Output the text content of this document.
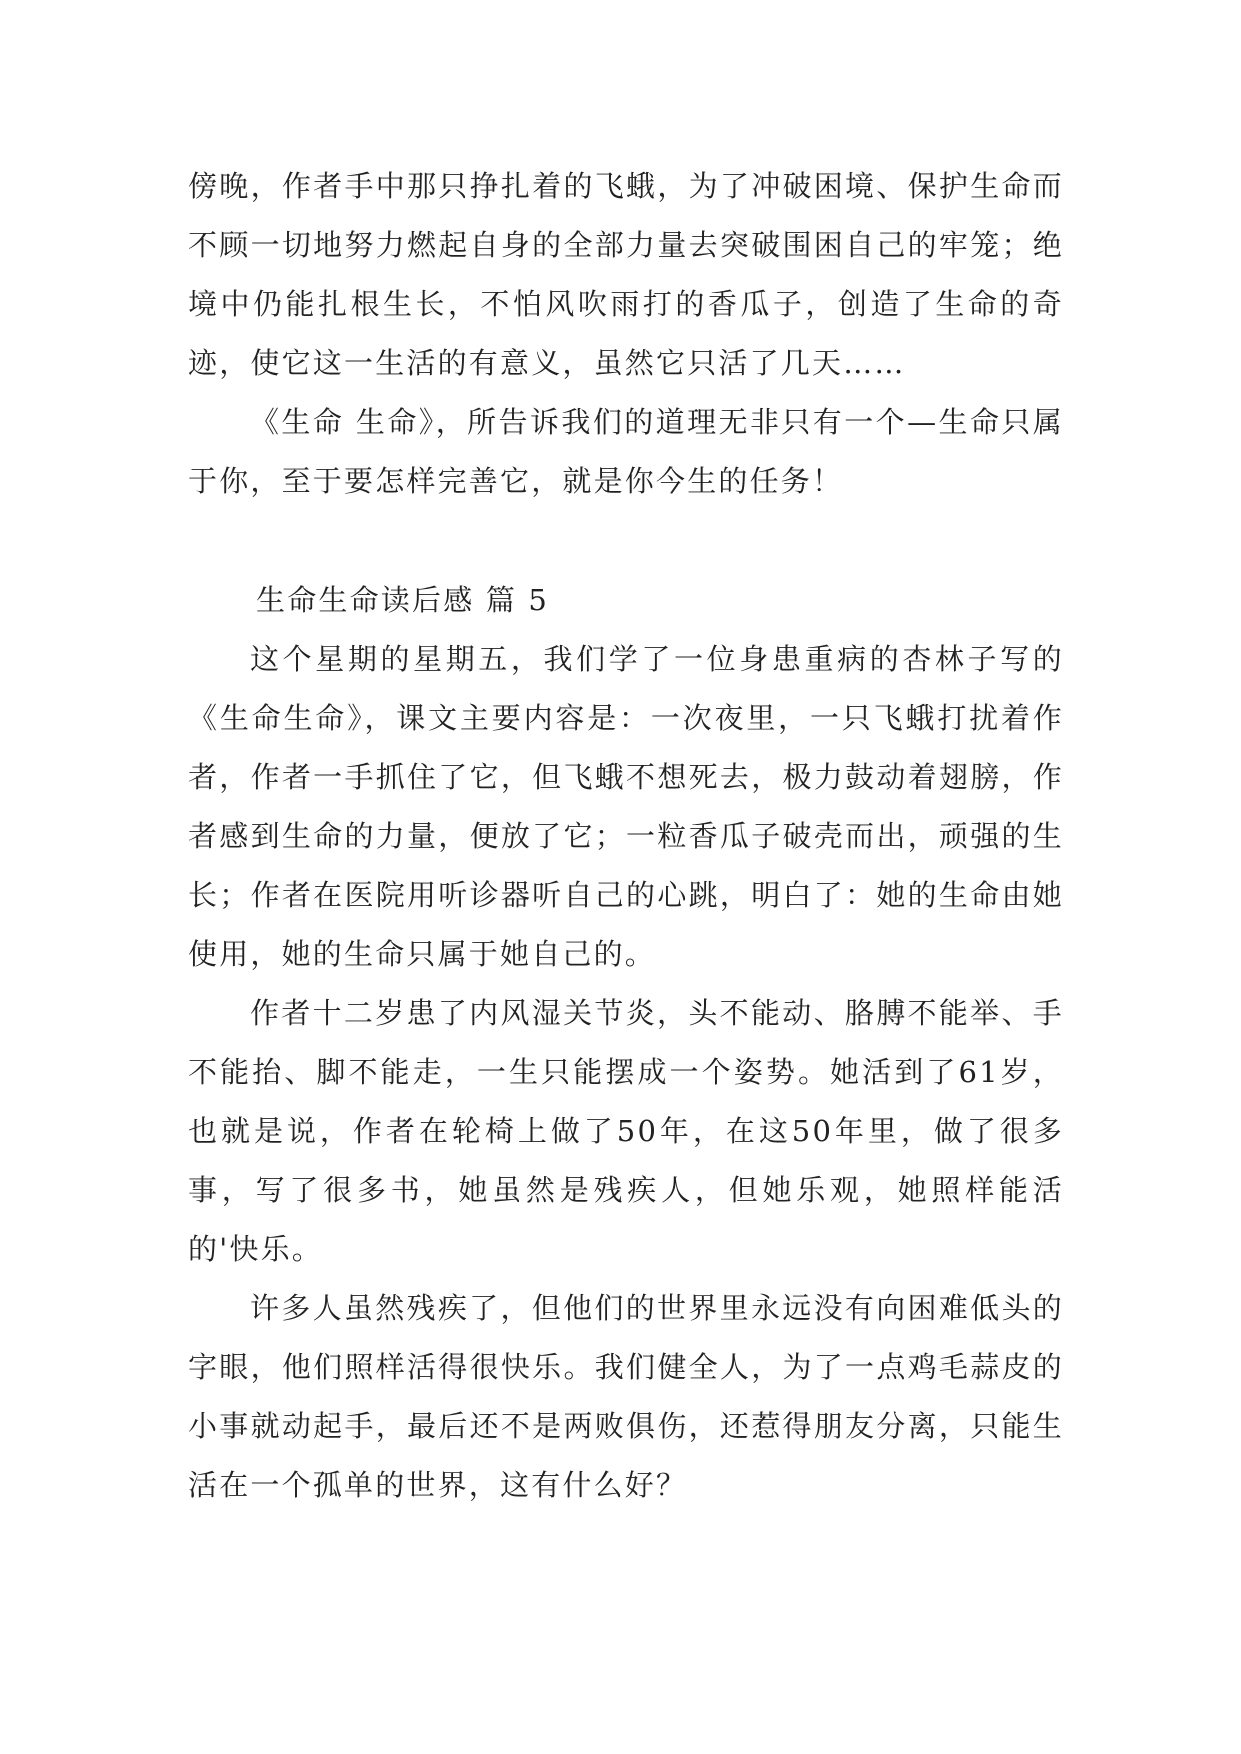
傍晚，作者手中那只挣扎着的飞蛾，为了冲破困境、保护生命而不顾一切地努力燃起自身的全部力量去突破围困自己的牢笼；绝境中仍能扎根生长，不怕风吹雨打的香瓜子，创造了生命的奇迹，使它这一生活的有意义，虽然它只活了几天……

《生命 生命》，所告诉我们的道理无非只有一个—生命只属于你，至于要怎样完善它，就是你今生的任务！

生命生命读后感 篇 5

这个星期的星期五，我们学了一位身患重病的杏林子写的《生命生命》，课文主要内容是：一次夜里，一只飞蛾打扰着作者，作者一手抓住了它，但飞蛾不想死去，极力鼓动着翅膀，作者感到生命的力量，便放了它；一粒香瓜子破壳而出，顽强的生长；作者在医院用听诊器听自己的心跳，明白了：她的生命由她使用，她的生命只属于她自己的。

作者十二岁患了内风湿关节炎，头不能动、胳膊不能举、手不能抬、脚不能走，一生只能摆成一个姿势。她活到了61岁，也就是说，作者在轮椅上做了50年，在这50年里，做了很多事，写了很多书，她虽然是残疾人，但她乐观，她照样能活的'快乐。

许多人虽然残疾了，但他们的世界里永远没有向困难低头的字眼，他们照样活得很快乐。我们健全人，为了一点鸡毛蒜皮的小事就动起手，最后还不是两败俱伤，还惹得朋友分离，只能生活在一个孤单的世界，这有什么好？
